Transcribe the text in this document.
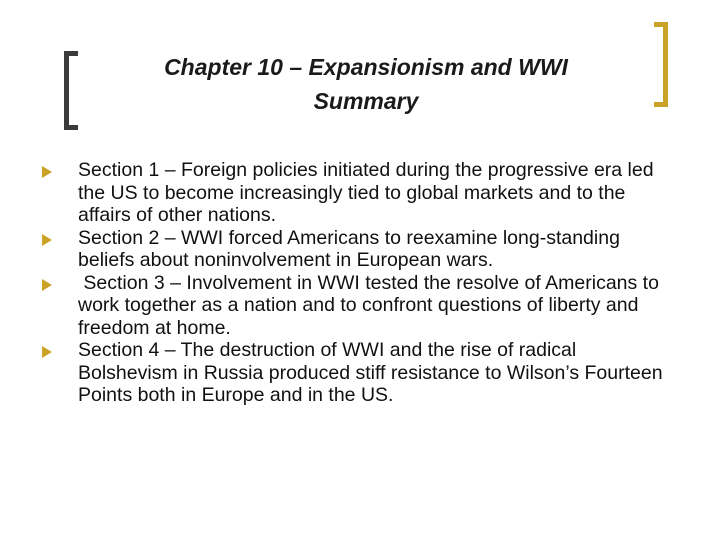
Chapter 10 – Expansionism and WWI
Summary
Section 1 – Foreign policies initiated during the progressive era led the US to become increasingly tied to global markets and to the affairs of other nations.
Section 2 – WWI forced Americans to reexamine long-standing beliefs about noninvolvement in European wars.
Section 3 – Involvement in WWI tested the resolve of Americans to work together as a nation and to confront questions of liberty and freedom at home.
Section 4 – The destruction of WWI and the rise of radical Bolshevism in Russia produced stiff resistance to Wilson’s Fourteen Points both in Europe and in the US.
